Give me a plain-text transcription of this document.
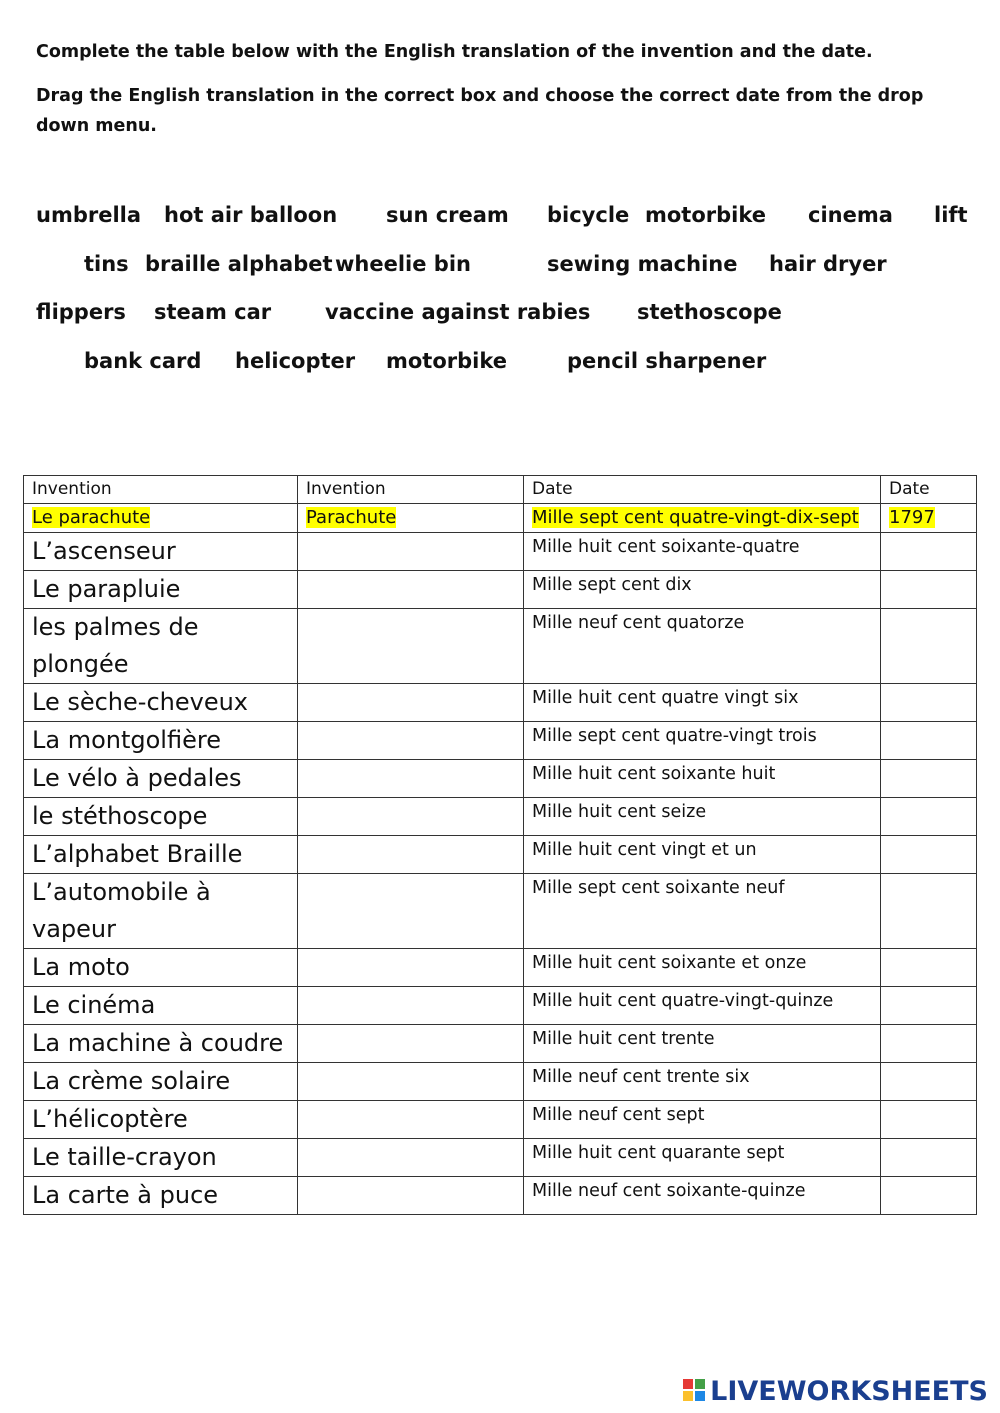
Complete the table below with the English translation of the invention and the date.
Drag the English translation in the correct box and choose the correct date from the drop down menu.
umbrella hot air balloon sun cream bicycle motorbike cinema lift
tins braille alphabet wheelie bin	sewing machine hair dryer
flippers steam car	vaccine against rabies stethoscope
bank card helicopter motorbike	pencil sharpener
Invention	Invention	Date	Date
Le parachute	Parachute	Mille sept cent quatre-vingt-dix-sept	1797
L’ascenseur		Mille huit cent soixante-quatre	
Le parapluie		Mille sept cent dix	
les palmes de plongée		Mille neuf cent quatorze	
Le sèche-cheveux		Mille huit cent quatre vingt six	
La montgolfière		Mille sept cent quatre-vingt trois	
Le vélo à pedales		Mille huit cent soixante huit	
le stéthoscope		Mille huit cent seize	
L’alphabet Braille		Mille huit cent vingt et un	
L’automobile à vapeur		Mille sept cent soixante neuf	
La moto		Mille huit cent soixante et onze	
Le cinéma		Mille huit cent quatre-vingt-quinze	
La machine à coudre		Mille huit cent trente	
La crème solaire		Mille neuf cent trente six	
L’hélicoptère		Mille neuf cent sept	
Le taille-crayon		Mille huit cent quarante sept	
La carte à puce		Mille neuf cent soixante-quinze	
LIVEWORKSHEETS
